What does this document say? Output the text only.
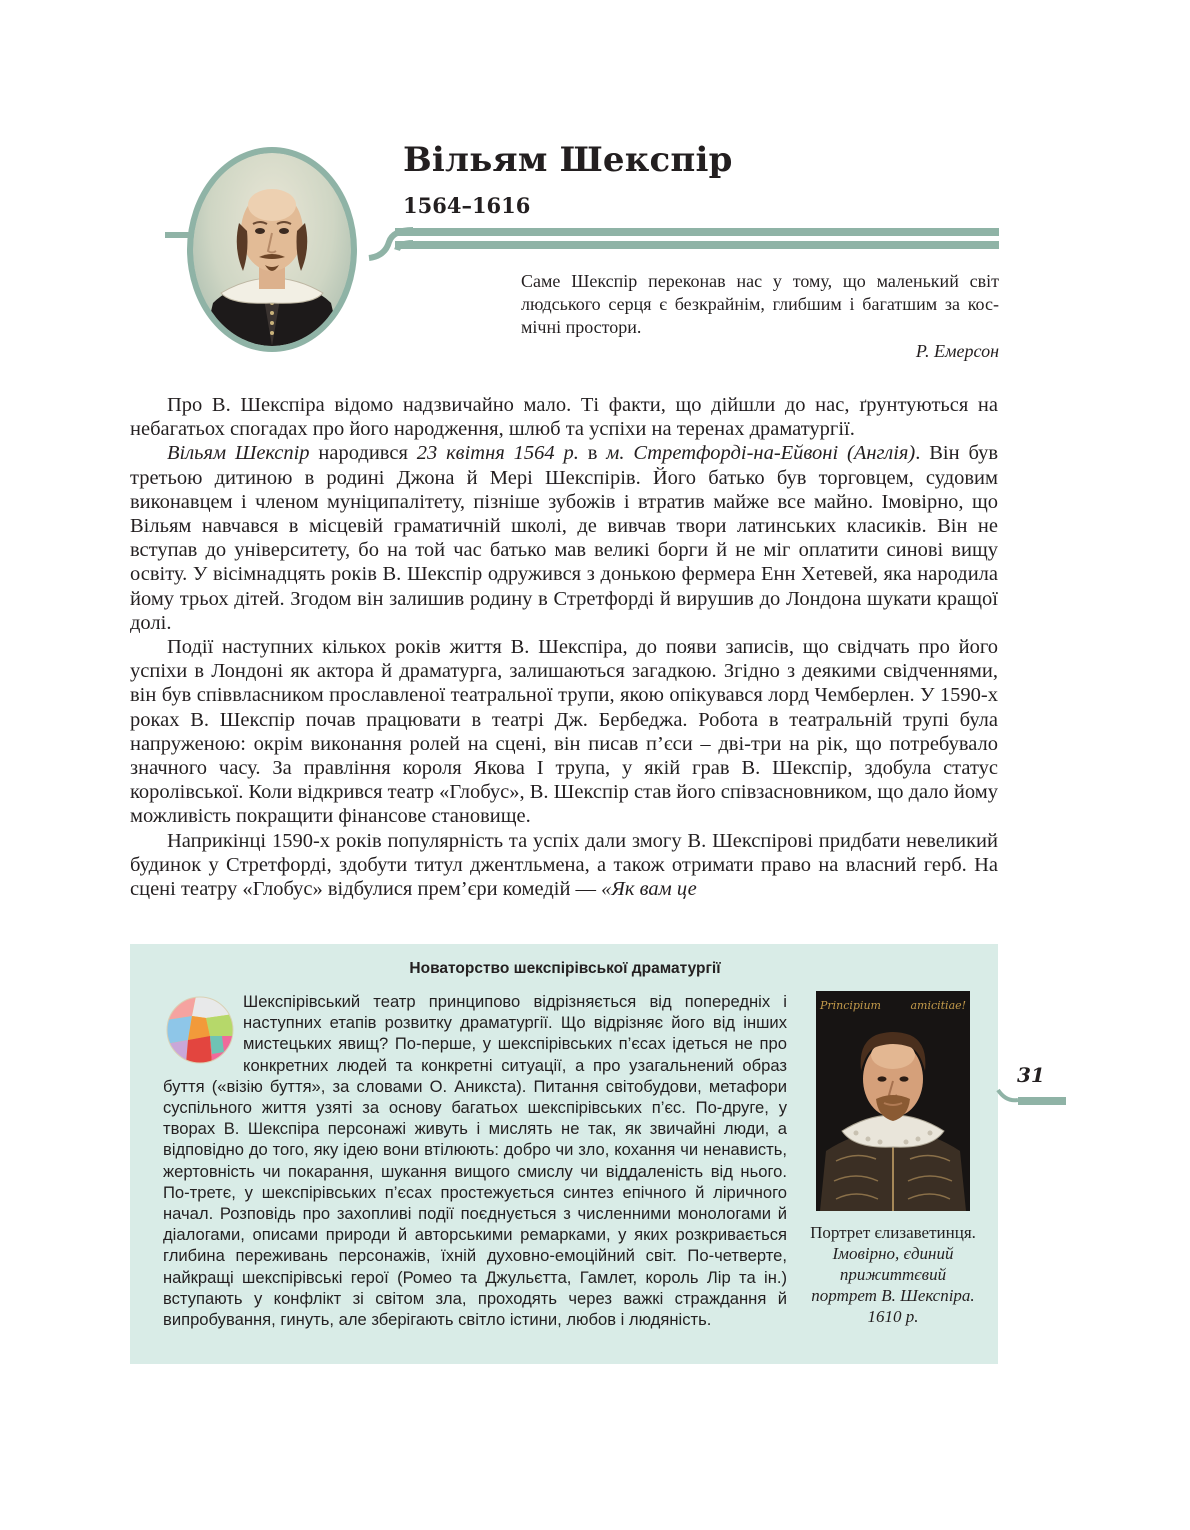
Вільям Шекспір
1564–1616
Саме Шекспір переконав нас у тому, що маленький світ людського серця є безкрайнім, глибшим і багатшим за космічні простори.
Р. Емерсон

Про В. Шекспіра відомо надзвичайно мало. Ті факти, що дійшли до нас, ґрунтуються на небагатьох спогадах про його народження, шлюб та успіхи на теренах драматургії.

Вільям Шекспір народився 23 квітня 1564 р. в м. Стретфорді-на-Ейвоні (Англія). Він був третьою дитиною в родині Джона й Мері Шекспірів. Його батько був торговцем, судовим виконавцем і членом муніципалітету, пізніше зубожів і втратив майже все майно. Імовірно, що Вільям навчався в місцевій граматичній школі, де вивчав твори латинських класиків. Він не вступав до університету, бо на той час батько мав великі борги й не міг оплатити синові вищу освіту. У вісімнадцять років В. Шекспір одружився з донькою фермера Енн Хетевей, яка народила йому трьох дітей. Згодом він залишив родину в Стретфорді й вирушив до Лондона шукати кращої долі.

Події наступних кількох років життя В. Шекспіра, до появи записів, що свідчать про його успіхи в Лондоні як актора й драматурга, залишаються загадкою. Згідно з деякими свідченнями, він був співвласником прославленої театральної трупи, якою опікувався лорд Чемберлен. У 1590-х роках В. Шекспір почав працювати в театрі Дж. Бербеджа. Робота в театральній трупі була напруженою: окрім виконання ролей на сцені, він писав п’єси – дві-три на рік, що потребувало значного часу. За правління короля Якова I трупа, у якій грав В. Шекспір, здобула статус королівської. Коли відкрився театр «Глобус», В. Шекспір став його співзасновником, що дало йому можливість покращити фінансове становище.

Наприкінці 1590-х років популярність та успіх дали змогу В. Шекспірові придбати невеликий будинок у Стретфорді, здобути титул джентльмена, а також отримати право на власний герб. На сцені театру «Глобус» відбулися прем’єри комедій — «Як вам це

Новаторство шекспірівської драматургії
Шекспірівський театр принципово відрізняється від попередніх і наступних етапів розвитку драматургії. Що відрізняє його від інших мистецьких явищ? По-перше, у шекспірівських п’єсах ідеться не про конкретних людей та конкретні ситуації, а про узагальнений образ буття («візію буття», за словами О. Аникста). Питання світобудови, метафори суспільного життя узяті за основу багатьох шекспірівських п’єс. По-друге, у творах В. Шекспіра персонажі живуть і мислять не так, як звичайні люди, а відповідно до того, яку ідею вони втілюють: добро чи зло, кохання чи ненависть, жертовність чи покарання, шукання вищого смислу чи віддаленість від нього. По-третє, у шекспірівських п’єсах простежується синтез епічного й ліричного начал. Розповідь про захопливі події поєднується з численними монологами й діалогами, описами природи й авторськими ремарками, у яких розкривається глибина переживань персонажів, їхній духовно-емоційний світ. По-четверте, найкращі шекспірівські герої (Ромео та Джульєтта, Гамлет, король Лір та ін.) вступають у конфлікт зі світом зла, проходять через важкі страждання й випробування, гинуть, але зберігають світло істини, любов і людяність.
Principium amicitiae!
Портрет єлизаветинця.
Імовірно, єдиний прижиттєвий портрет В. Шекспіра. 1610 р.
31
